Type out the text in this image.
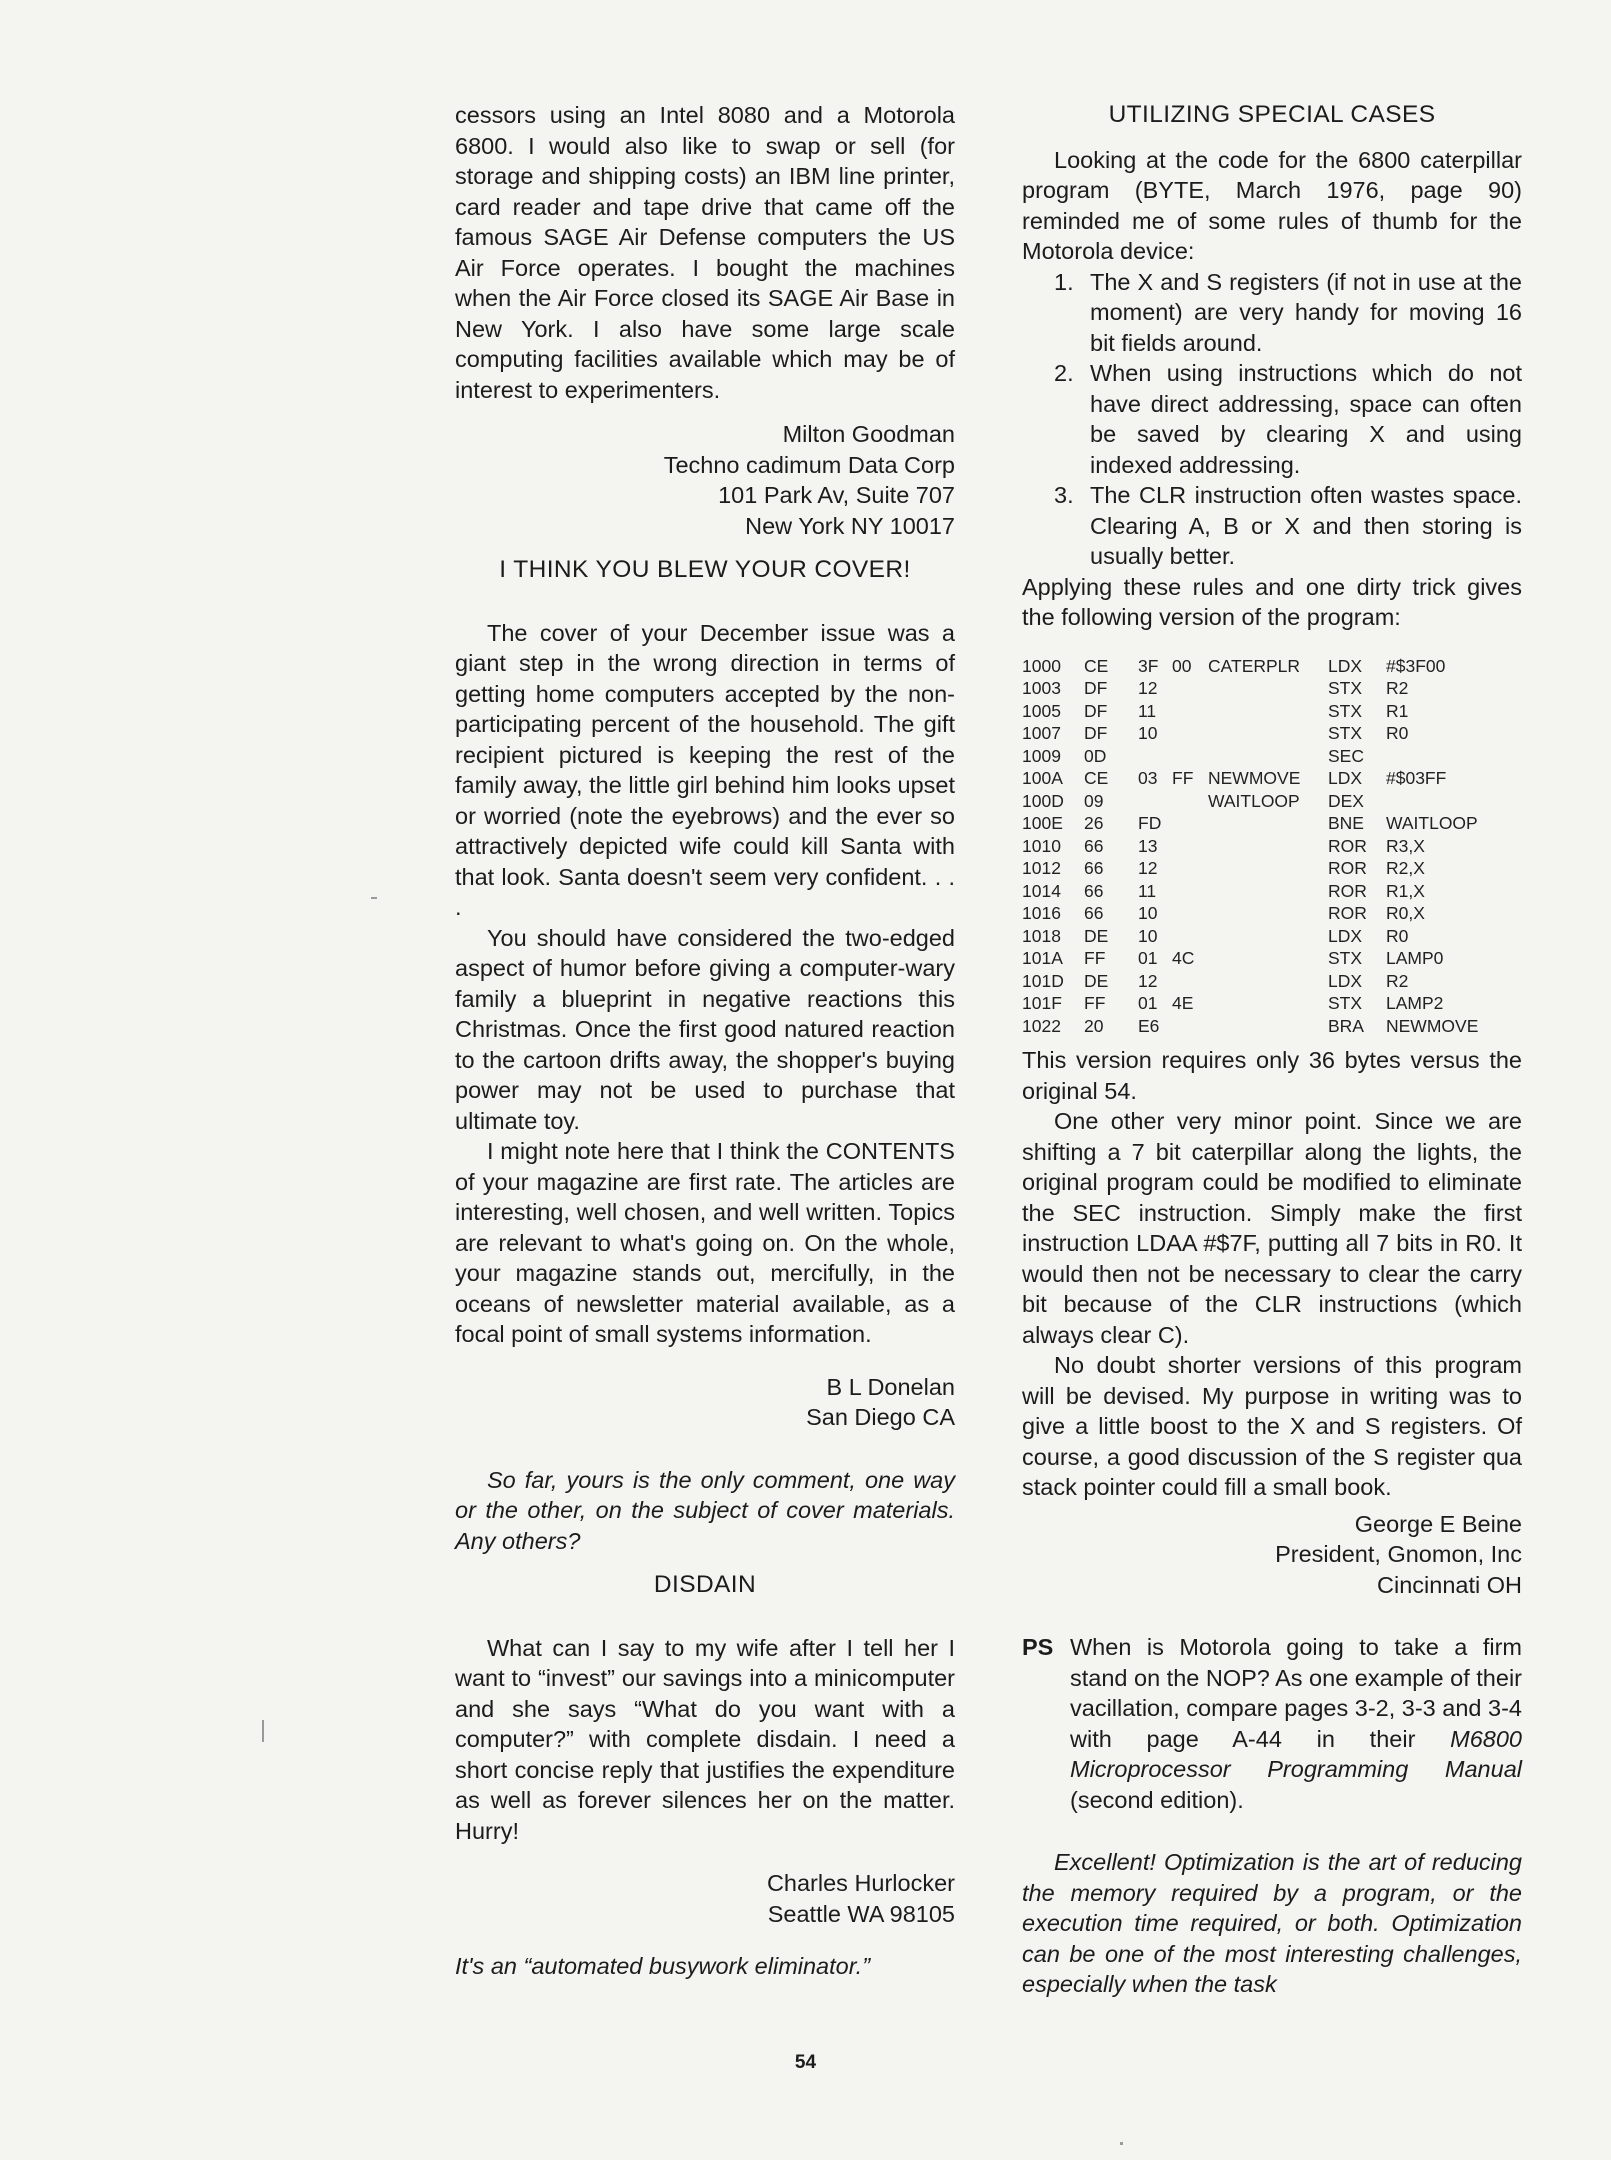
cessors using an Intel 8080 and a Motorola 6800. I would also like to swap or sell (for storage and shipping costs) an IBM line printer, card reader and tape drive that came off the famous SAGE Air Defense computers the US Air Force operates. I bought the machines when the Air Force closed its SAGE Air Base in New York. I also have some large scale computing facilities available which may be of interest to experimenters.

Milton Goodman

Techno cadimum Data Corp

101 Park Av, Suite 707

New York NY 10017

I THINK YOU BLEW YOUR COVER!

The cover of your December issue was a giant step in the wrong direction in terms of getting home computers accepted by the non-participating percent of the household. The gift recipient pictured is keeping the rest of the family away, the little girl behind him looks upset or worried (note the eyebrows) and the ever so attractively depicted wife could kill Santa with that look. Santa doesn't seem very confident. . . .

You should have considered the two-edged aspect of humor before giving a computer-wary family a blueprint in negative reactions this Christmas. Once the first good natured reaction to the cartoon drifts away, the shopper's buying power may not be used to purchase that ultimate toy.

I might note here that I think the CONTENTS of your magazine are first rate. The articles are interesting, well chosen, and well written. Topics are relevant to what's going on. On the whole, your magazine stands out, mercifully, in the oceans of newsletter material available, as a focal point of small systems information.

B L Donelan

San Diego CA

So far, yours is the only comment, one way or the other, on the subject of cover materials. Any others?

DISDAIN

What can I say to my wife after I tell her I want to “invest” our savings into a minicomputer and she says “What do you want with a computer?” with complete disdain. I need a short concise reply that justifies the expenditure as well as forever silences her on the matter. Hurry!

Charles Hurlocker

Seattle WA 98105

It's an “automated busywork eliminator.”

UTILIZING SPECIAL CASES

Looking at the code for the 6800 caterpillar program (BYTE, March 1976, page 90) reminded me of some rules of thumb for the Motorola device:

1. The X and S registers (if not in use at the moment) are very handy for moving 16 bit fields around.
2. When using instructions which do not have direct addressing, space can often be saved by clearing X and using indexed addressing.
3. The CLR instruction often wastes space. Clearing A, B or X and then storing is usually better.

Applying these rules and one dirty trick gives the following version of the program:

1000	CE	3F	00	CATERPLR	LDX	#$3F00
1003	DF	12			STX	R2
1005	DF	11			STX	R1
1007	DF	10			STX	R0
1009	0D				SEC	
100A	CE	03	FF	NEWMOVE	LDX	#$03FF
100D	09			WAITLOOP	DEX	
100E	26	FD			BNE	WAITLOOP
1010	66	13			ROR	R3,X
1012	66	12			ROR	R2,X
1014	66	11			ROR	R1,X
1016	66	10			ROR	R0,X
1018	DE	10			LDX	R0
101A	FF	01	4C		STX	LAMP0
101D	DE	12			LDX	R2
101F	FF	01	4E		STX	LAMP2
1022	20	E6			BRA	NEWMOVE

This version requires only 36 bytes versus the original 54.

One other very minor point. Since we are shifting a 7 bit caterpillar along the lights, the original program could be modified to eliminate the SEC instruction. Simply make the first instruction LDAA #$7F, putting all 7 bits in R0. It would then not be necessary to clear the carry bit because of the CLR instructions (which always clear C).

No doubt shorter versions of this program will be devised. My purpose in writing was to give a little boost to the X and S registers. Of course, a good discussion of the S register qua stack pointer could fill a small book.

George E Beine

President, Gnomon, Inc

Cincinnati OH

PS When is Motorola going to take a firm stand on the NOP? As one example of their vacillation, compare pages 3-2, 3-3 and 3-4 with page A-44 in their M6800 Microprocessor Programming Manual (second edition).

Excellent! Optimization is the art of reducing the memory required by a program, or the execution time required, or both. Optimization can be one of the most interesting challenges, especially when the task

54
